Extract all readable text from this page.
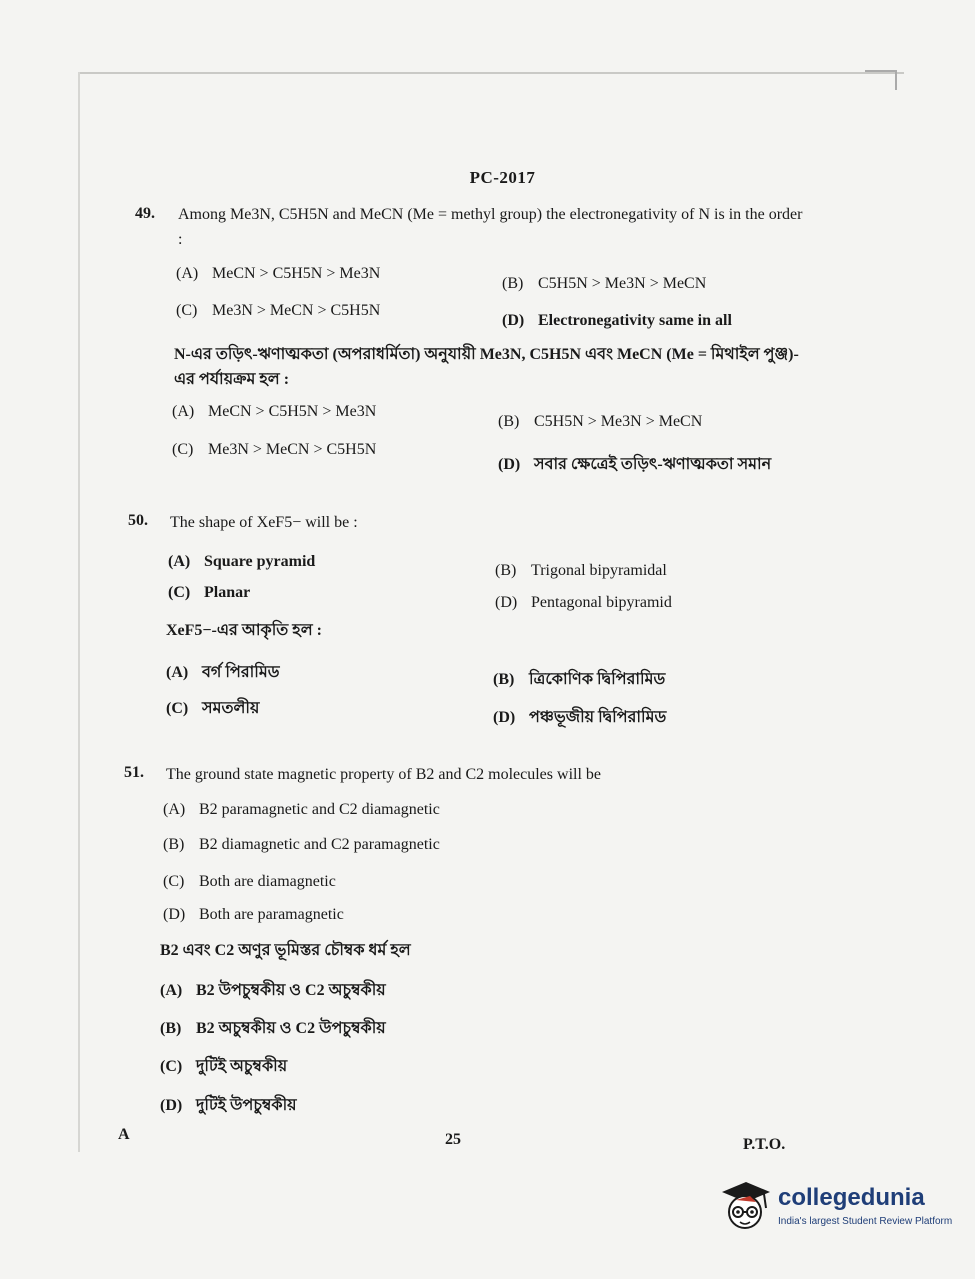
PC-2017
49. Among Me3N, C5H5N and MeCN (Me = methyl group) the electronegativity of N is in the order :
(A) MeCN > C5H5N > Me3N
(B) C5H5N > Me3N > MeCN
(C) Me3N > MeCN > C5H5N
(D) Electronegativity same in all
N-এর তড়িৎ-ঋণাত্মকতা (অপরাধর্মিতা) অনুযায়ী Me3N, C5H5N এবং MeCN (Me = মিথাইল পুঞ্জ)-এর পর্যায়ক্রম হল :
(A) MeCN > C5H5N > Me3N
(B) C5H5N > Me3N > MeCN
(C) Me3N > MeCN > C5H5N
(D) সবার ক্ষেত্রেই তড়িৎ-ঋণাত্মকতা সমান
50. The shape of XeF5− will be :
(A) Square pyramid
(B) Trigonal bipyramidal
(C) Planar
(D) Pentagonal bipyramid
XeF5−-এর আকৃতি হল :
(A) বর্গ পিরামিড	(B) ত্রিকোণিক দ্বিপিরামিড
(C) সমতলীয়
(D) পঞ্চভূজীয় দ্বিপিরামিড
51. The ground state magnetic property of B2 and C2 molecules will be
(A) B2 paramagnetic and C2 diamagnetic
(B) B2 diamagnetic and C2 paramagnetic
(C) Both are diamagnetic
(D) Both are paramagnetic
B2 এবং C2 অণুর ভূমিস্তর চৌম্বক ধর্ম হল
(A) B2 উপচুম্বকীয় ও C2 অচুম্বকীয়
(B) B2 অচুম্বকীয় ও C2 উপচুম্বকীয়
(C) দুটিই অচুম্বকীয়
(D) দুটিই উপচুম্বকীয়
A	25	P.T.O.
collegedunia
India's largest Student Review Platform
